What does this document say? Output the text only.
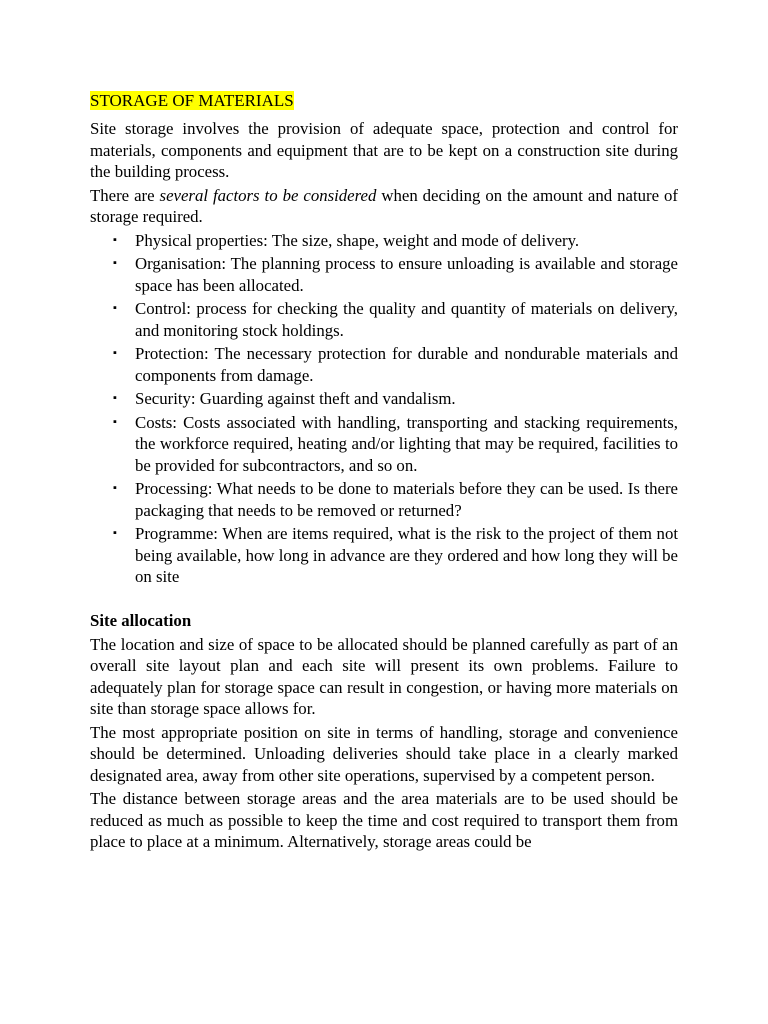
STORAGE OF MATERIALS

Site storage involves the provision of adequate space, protection and control for materials, components and equipment that are to be kept on a construction site during the building process.

There are several factors to be considered when deciding on the amount and nature of storage required.

▪ Physical properties: The size, shape, weight and mode of delivery.
▪ Organisation: The planning process to ensure unloading is available and storage space has been allocated.
▪ Control: process for checking the quality and quantity of materials on delivery, and monitoring stock holdings.
▪ Protection: The necessary protection for durable and nondurable materials and components from damage.
▪ Security: Guarding against theft and vandalism.
▪ Costs: Costs associated with handling, transporting and stacking requirements, the workforce required, heating and/or lighting that may be required, facilities to be provided for subcontractors, and so on.
▪ Processing: What needs to be done to materials before they can be used. Is there packaging that needs to be removed or returned?
▪ Programme: When are items required, what is the risk to the project of them not being available, how long in advance are they ordered and how long they will be on site
Site allocation

The location and size of space to be allocated should be planned carefully as part of an overall site layout plan and each site will present its own problems. Failure to adequately plan for storage space can result in congestion, or having more materials on site than storage space allows for.

The most appropriate position on site in terms of handling, storage and convenience should be determined. Unloading deliveries should take place in a clearly marked designated area, away from other site operations, supervised by a competent person.

The distance between storage areas and the area materials are to be used should be reduced as much as possible to keep the time and cost required to transport them from place to place at a minimum. Alternatively, storage areas could be
